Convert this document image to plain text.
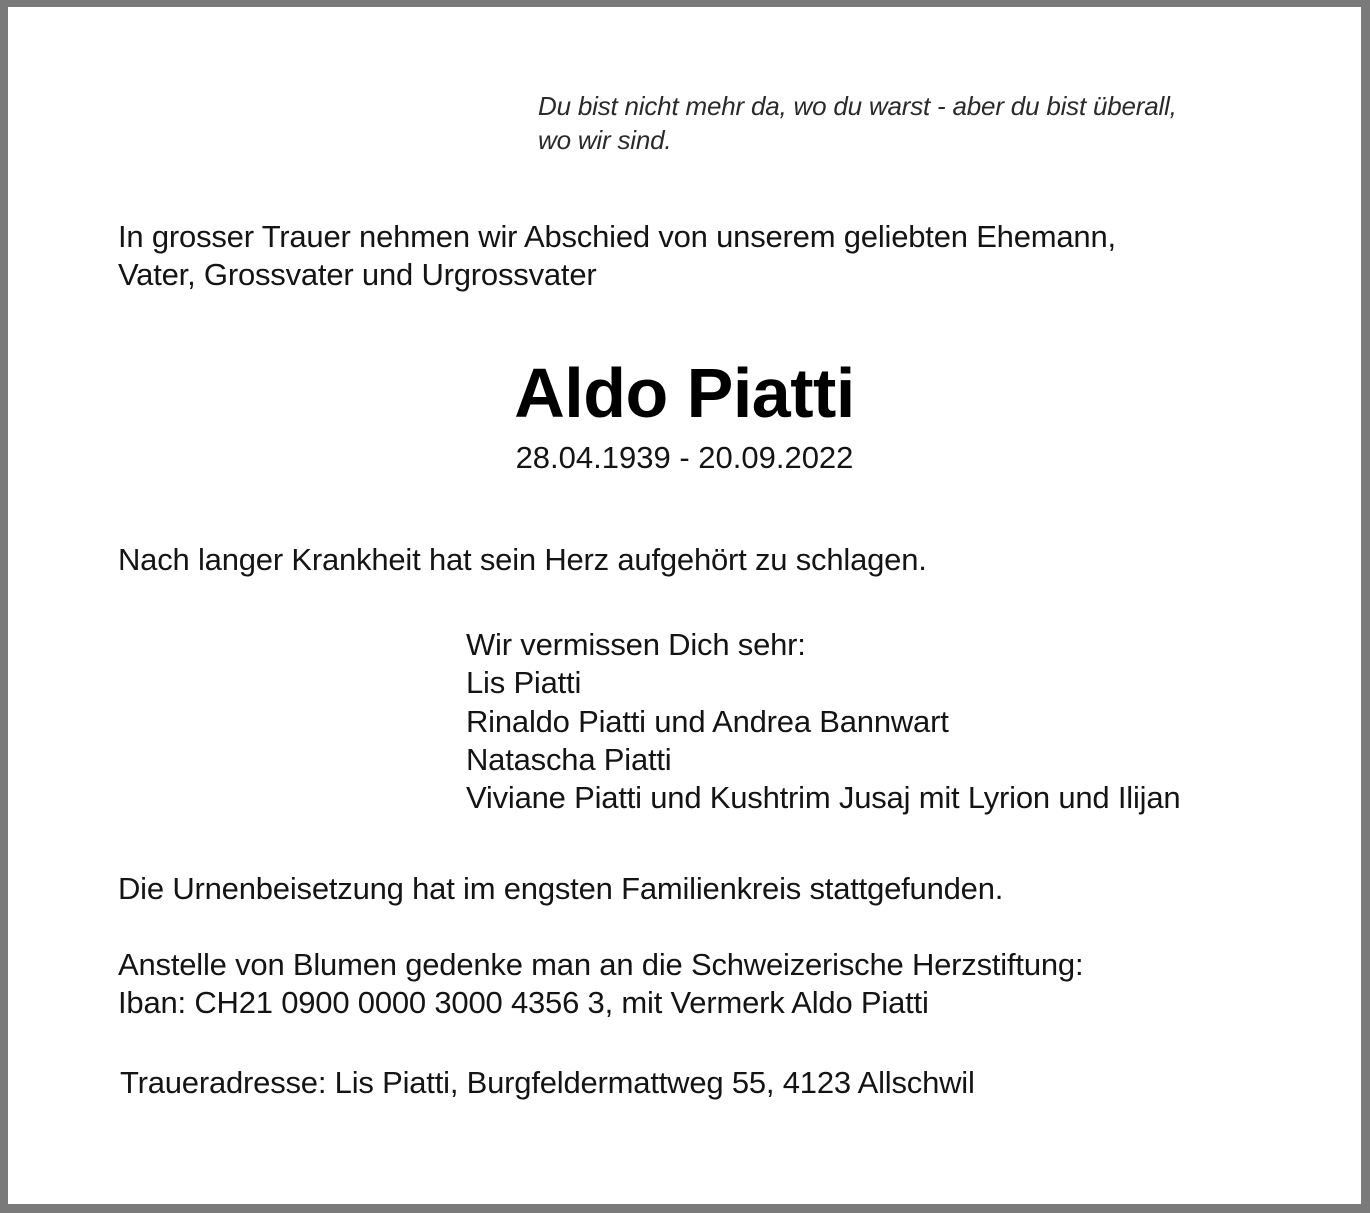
Du bist nicht mehr da, wo du warst - aber du bist überall,
wo wir sind.
In grosser Trauer nehmen wir Abschied von unserem geliebten Ehemann,
Vater, Grossvater und Urgrossvater
Aldo Piatti
28.04.1939 - 20.09.2022
Nach langer Krankheit hat sein Herz aufgehört zu schlagen.
Wir vermissen Dich sehr:
Lis Piatti
Rinaldo Piatti und Andrea Bannwart
Natascha Piatti
Viviane Piatti und Kushtrim Jusaj mit Lyrion und Ilijan
Die Urnenbeisetzung hat im engsten Familienkreis stattgefunden.
Anstelle von Blumen gedenke man an die Schweizerische Herzstiftung:
Iban: CH21 0900 0000 3000 4356 3, mit Vermerk Aldo Piatti
Traueradresse: Lis Piatti, Burgfeldermattweg 55, 4123 Allschwil
